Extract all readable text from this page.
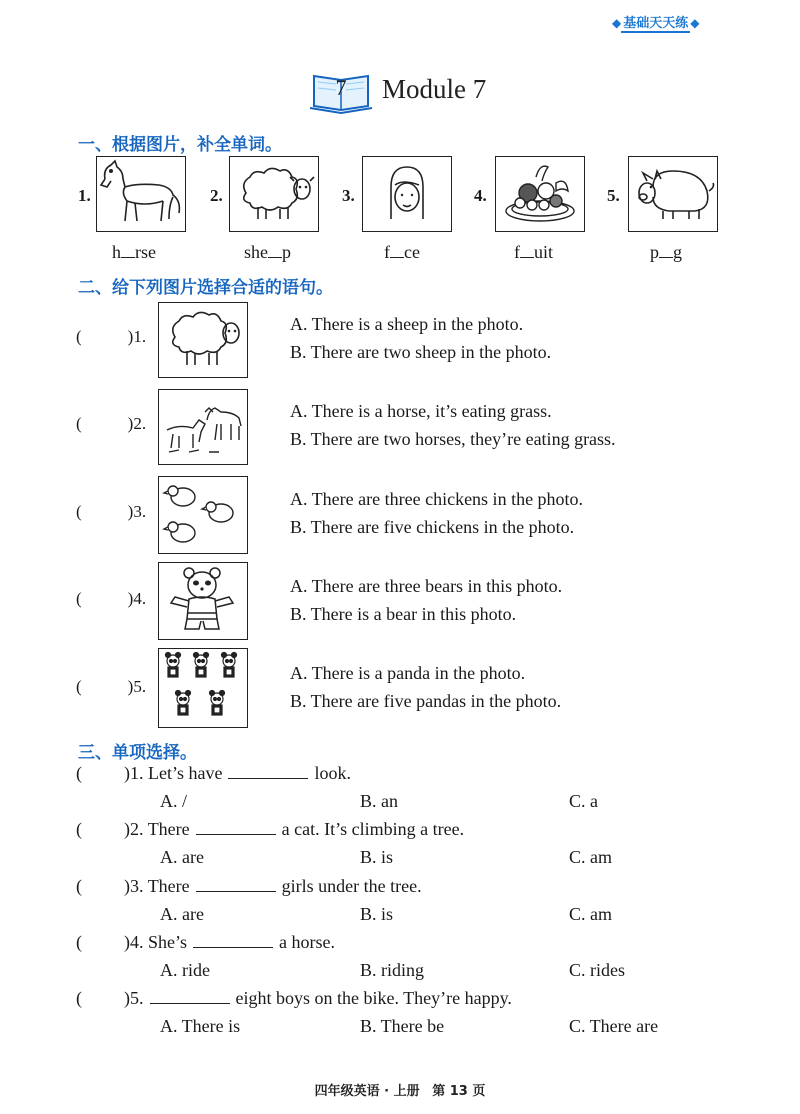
◆ 基础天天练 ◆
7 Module 7
一、根据图片，补全单词。
1.
h rse
2.
she p
3.
f ce
4.
f uit
5.
p g
二、给下列图片选择合适的语句。
(	)1.
A. There is a sheep in the photo.
B. There are two sheep in the photo.
(	)2.
A. There is a horse, it’s eating grass.
B. There are two horses, they’re eating grass.
(	)3.
A. There are three chickens in the photo.
B. There are five chickens in the photo.
(	)4.
A. There are three bears in this photo.
B. There is a bear in this photo.
(	)5.
A. There is a panda in the photo.
B. There are five pandas in the photo.
三、单项选择。
( )1. Let’s have	look.
A. /	B. an	C. a
( )2. There	a cat. It’s climbing a tree.
A. are	B. is	C. am
( )3. There	girls under the tree.
A. are	B. is	C. am
( )4. She’s	a horse.
A. ride	B. riding	C. rides
( )5.	eight boys on the bike. They’re happy.
A. There is	B. There be	C. There are
四年级英语 · 上册 第 13 页
